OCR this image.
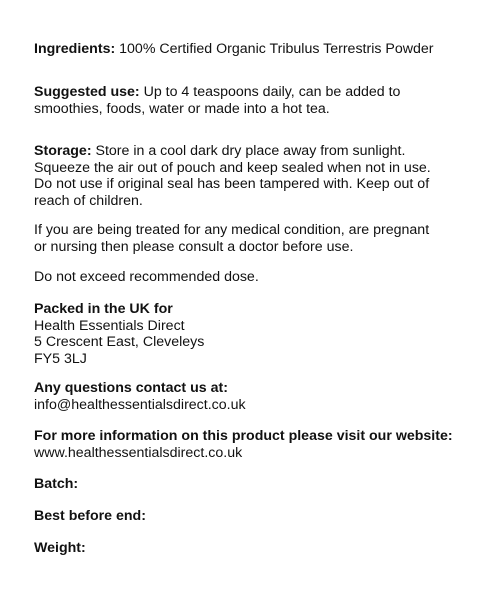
Ingredients: 100% Certified Organic Tribulus Terrestris Powder

Suggested use: Up to 4 teaspoons daily, can be added to
smoothies, foods, water or made into a hot tea.

Storage: Store in a cool dark dry place away from sunlight.
Squeeze the air out of pouch and keep sealed when not in use.
Do not use if original seal has been tampered with. Keep out of
reach of children.

If you are being treated for any medical condition, are pregnant
or nursing then please consult a doctor before use.

Do not exceed recommended dose.

Packed in the UK for
Health Essentials Direct
5 Crescent East, Cleveleys
FY5 3LJ

Any questions contact us at:
info@healthessentialsdirect.co.uk

For more information on this product please visit our website:
www.healthessentialsdirect.co.uk

Batch:

Best before end:

Weight:
